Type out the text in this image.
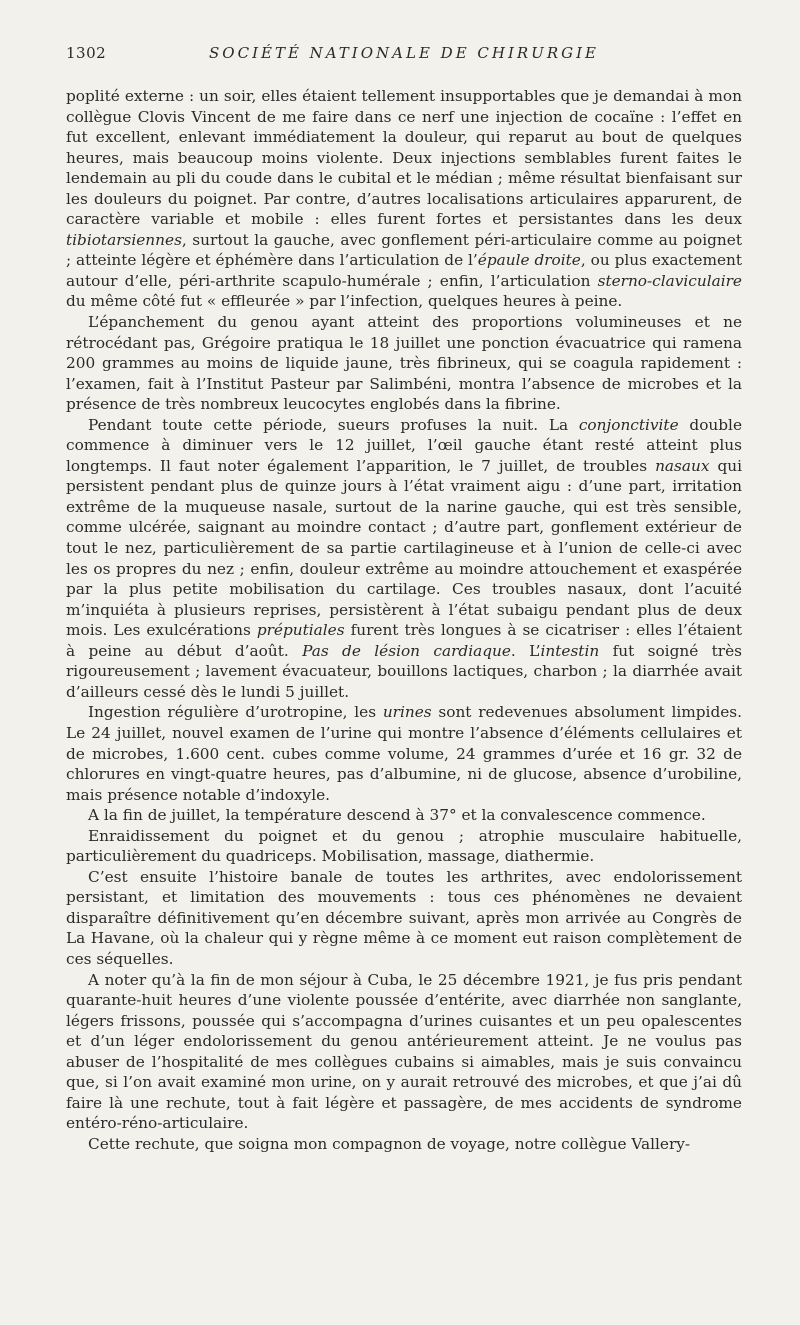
1302	SOCIÉTÉ NATIONALE DE CHIRURGIE

poplité externe : un soir, elles étaient tellement insupportables que je demandai à mon collègue Clovis Vincent de me faire dans ce nerf une injection de cocaïne : l’effet en fut excellent, enlevant immédiatement la douleur, qui reparut au bout de quelques heures, mais beaucoup moins violente. Deux injections semblables furent faites le lendemain au pli du coude dans le cubital et le médian ; même résultat bienfaisant sur les douleurs du poignet. Par contre, d’autres localisations articulaires apparurent, de caractère variable et mobile : elles furent fortes et persistantes dans les deux tibiotarsiennes, surtout la gauche, avec gonflement péri-articulaire comme au poignet ; atteinte légère et éphémère dans l’articulation de l’épaule droite, ou plus exactement autour d’elle, péri-arthrite scapulo-humérale ; enfin, l’articulation sterno-claviculaire du même côté fut « effleurée » par l’infection, quelques heures à peine.

L’épanchement du genou ayant atteint des proportions volumineuses et ne rétrocédant pas, Grégoire pratiqua le 18 juillet une ponction évacuatrice qui ramena 200 grammes au moins de liquide jaune, très fibrineux, qui se coagula rapidement : l’examen, fait à l’Institut Pasteur par Salimbéni, montra l’absence de microbes et la présence de très nombreux leucocytes englobés dans la fibrine.

Pendant toute cette période, sueurs profuses la nuit. La conjonctivite double commence à diminuer vers le 12 juillet, l’œil gauche étant resté atteint plus longtemps. Il faut noter également l’apparition, le 7 juillet, de troubles nasaux qui persistent pendant plus de quinze jours à l’état vraiment aigu : d’une part, irritation extrême de la muqueuse nasale, surtout de la narine gauche, qui est très sensible, comme ulcérée, saignant au moindre contact ; d’autre part, gonflement extérieur de tout le nez, particulièrement de sa partie cartilagineuse et à l’union de celle-ci avec les os propres du nez ; enfin, douleur extrême au moindre attouchement et exaspérée par la plus petite mobilisation du cartilage. Ces troubles nasaux, dont l’acuité m’inquiéta à plusieurs reprises, persistèrent à l’état subaigu pendant plus de deux mois. Les exulcérations préputiales furent très longues à se cicatriser : elles l’étaient à peine au début d’août. Pas de lésion cardiaque. L’intestin fut soigné très rigoureusement ; lavement évacuateur, bouillons lactiques, charbon ; la diarrhée avait d’ailleurs cessé dès le lundi 5 juillet.

Ingestion régulière d’urotropine, les urines sont redevenues absolument limpides. Le 24 juillet, nouvel examen de l’urine qui montre l’absence d’éléments cellulaires et de microbes, 1.600 cent. cubes comme volume, 24 grammes d’urée et 16 gr. 32 de chlorures en vingt-quatre heures, pas d’albumine, ni de glucose, absence d’urobiline, mais présence notable d’indoxyle.

A la fin de juillet, la température descend à 37° et la convalescence commence.

Enraidissement du poignet et du genou ; atrophie musculaire habituelle, particulièrement du quadriceps. Mobilisation, massage, diathermie.

C’est ensuite l’histoire banale de toutes les arthrites, avec endolorissement persistant, et limitation des mouvements : tous ces phénomènes ne devaient disparaître définitivement qu’en décembre suivant, après mon arrivée au Congrès de La Havane, où la chaleur qui y règne même à ce moment eut raison complètement de ces séquelles.

A noter qu’à la fin de mon séjour à Cuba, le 25 décembre 1921, je fus pris pendant quarante-huit heures d’une violente poussée d’entérite, avec diarrhée non sanglante, légers frissons, poussée qui s’accompagna d’urines cuisantes et un peu opalescentes et d’un léger endolorissement du genou antérieurement atteint. Je ne voulus pas abuser de l’hospitalité de mes collègues cubains si aimables, mais je suis convaincu que, si l’on avait examiné mon urine, on y aurait retrouvé des microbes, et que j’ai dû faire là une rechute, tout à fait légère et passagère, de mes accidents de syndrome entéro-réno-articulaire.

Cette rechute, que soigna mon compagnon de voyage, notre collègue Vallery-
